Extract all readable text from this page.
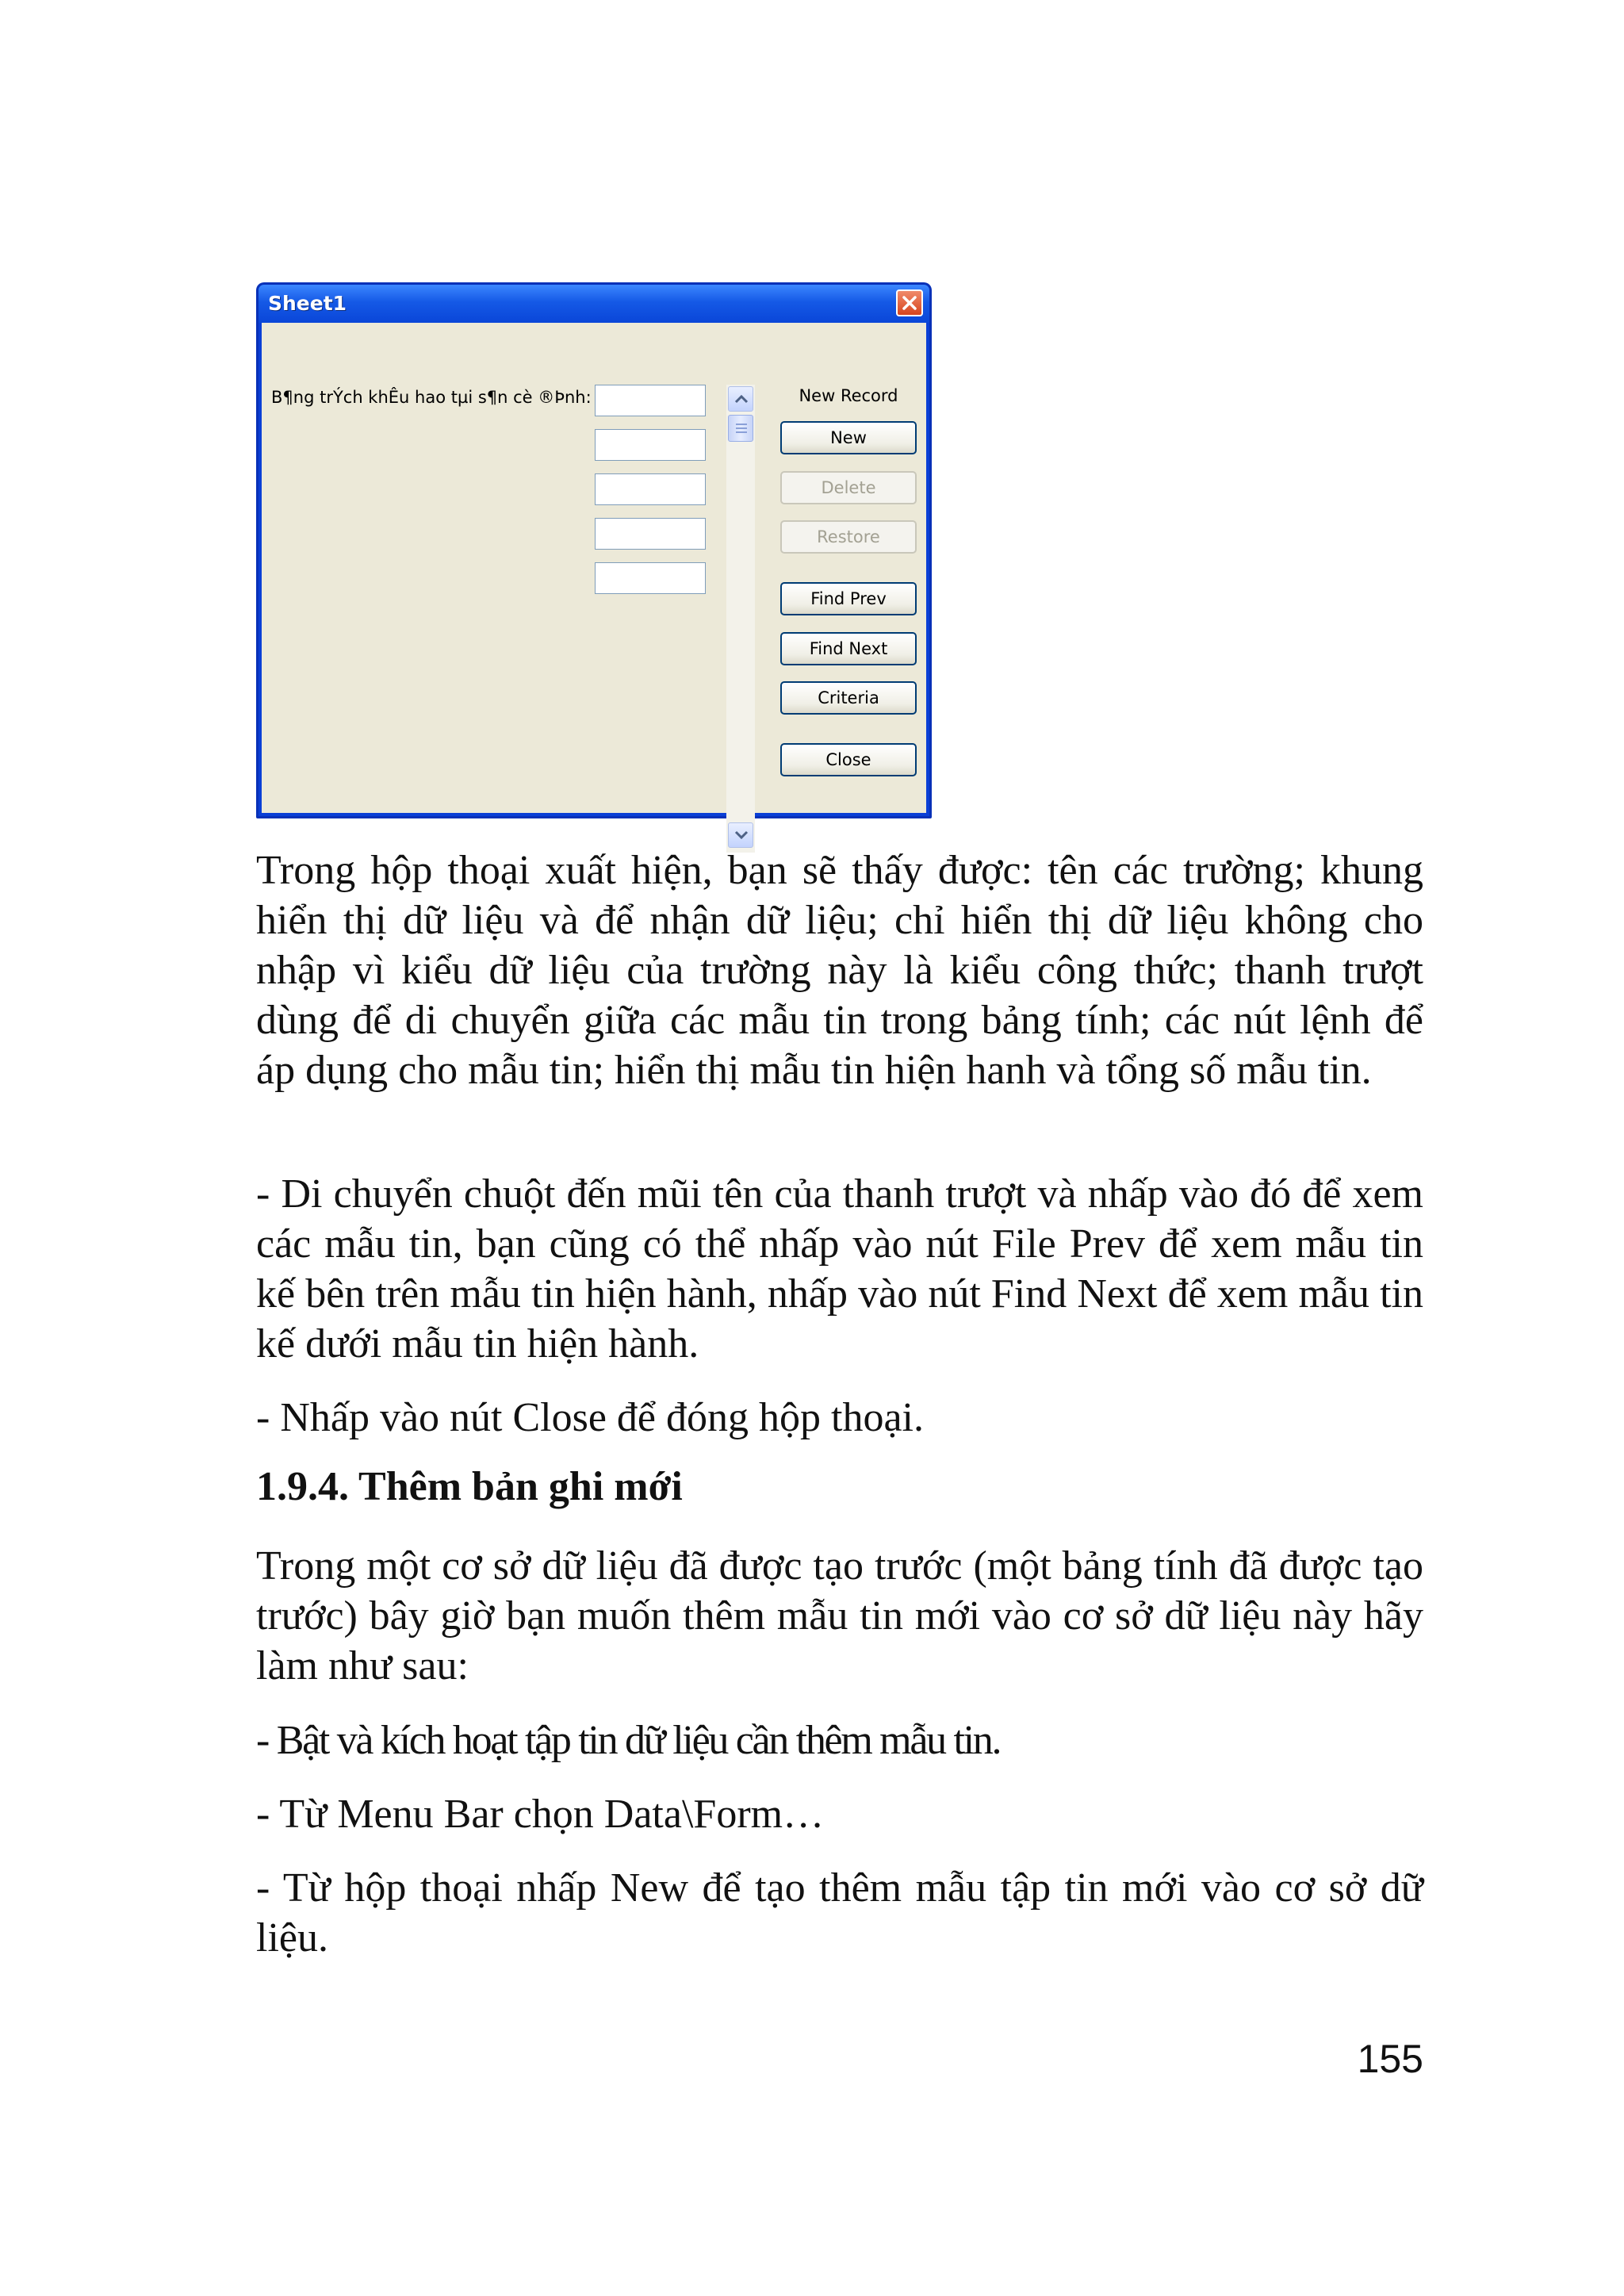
Sheet1
B¶ng trÝch khÊu hao tµi s¶n cè ®Þnh:	New Record
New
Delete
Restore
Find Prev
Find Next
Criteria
Close

Trong hộp thoại xuất hiện, bạn sẽ thấy được: tên các trường; khung hiển thị dữ liệu và để nhận dữ liệu; chỉ hiển thị dữ liệu không cho nhập vì kiểu dữ liệu của trường này là kiểu công thức; thanh trượt dùng để di chuyển giữa các mẫu tin trong bảng tính; các nút lệnh để áp dụng cho mẫu tin; hiển thị mẫu tin hiện hanh và tổng số mẫu tin.

- Di chuyển chuột đến mũi tên của thanh trượt và nhấp vào đó để xem các mẫu tin, bạn cũng có thể nhấp vào nút File Prev để xem mẫu tin kế bên trên mẫu tin hiện hành, nhấp vào nút Find Next để xem mẫu tin kế dưới mẫu tin hiện hành.

- Nhấp vào nút Close để đóng hộp thoại.

1.9.4. Thêm bản ghi mới

Trong một cơ sở dữ liệu đã được tạo trước (một bảng tính đã được tạo trước) bây giờ bạn muốn thêm mẫu tin mới vào cơ sở dữ liệu này hãy làm như sau:

- Bật và kích hoạt tập tin dữ liệu cần thêm mẫu tin.

- Từ Menu Bar chọn Data\Form…

- Từ hộp thoại nhấp New để tạo thêm mẫu tập tin mới vào cơ sở dữ liệu.

155
